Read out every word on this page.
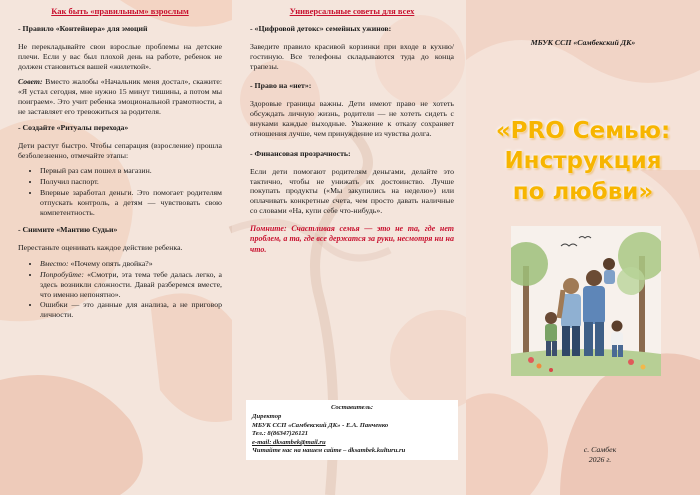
Как быть «правильным» взрослым
- Правило «Контейнера» для эмоций
Не перекладывайте свои взрослые проблемы на детские плечи. Если у вас был плохой день на работе, ребенок не должен становиться вашей «жилеткой».
Совет: Вместо жалобы «Начальник меня достал», скажите: «Я устал сегодня, мне нужно 15 минут тишины, а потом мы поиграем». Это учит ребенка эмоциональной грамотности, а не заставляет его тревожиться за родителя.
- Создайте «Ритуалы перехода»
Дети растут быстро. Чтобы сепарация (взросление) прошла безболезненно, отмечайте этапы:
• Первый раз сам пошел в магазин.
• Получил паспорт.
• Впервые заработал деньги. Это помогает родителям отпускать контроль, а детям — чувствовать свою компетентность.
- Снимите «Мантию Судьи»
Перестаньте оценивать каждое действие ребенка.
• Вместо: «Почему опять двойка?»
• Попробуйте: «Смотри, эта тема тебе далась легко, а здесь возникли сложности. Давай разберемся вместе, что именно непонятно».
• Ошибки — это данные для анализа, а не приговор личности.
Универсальные советы для всех
- «Цифровой детокс» семейных ужинов:
Заведите правило красивой корзинки при входе в кухню/гостиную. Все телефоны складываются туда до конца трапезы.
- Право на «нет»:
Здоровые границы важны. Дети имеют право не хотеть обсуждать личную жизнь, родители — не хотеть сидеть с внуками каждые выходные. Уважение к отказу сохраняет отношения лучше, чем принуждение из чувства долга.
- Финансовая прозрачность:
Если дети помогают родителям деньгами, делайте это тактично, чтобы не унижать их достоинство. Лучше покупать продукты («Мы закупились на неделю») или оплачивать конкретные счета, чем просто давать наличные со словами «На, купи себе что-нибудь».
Помните: Счастливая семья — это не та, где нет проблем, а та, где все держатся за руки, несмотря ни на что.
Составитель:
Директор
МБУК ССП «Самбекский ДК» - Е.А. Панченко
Тел.: 8(86347)26121
e-mail: dksambek@mail.ru
Читайте нас на нашем сайте – dksambek.kulturu.ru
МБУК ССП «Самбекский ДК»
«PRO Семью:
Инструкция
по любви»
с. Самбек
2026 г.
